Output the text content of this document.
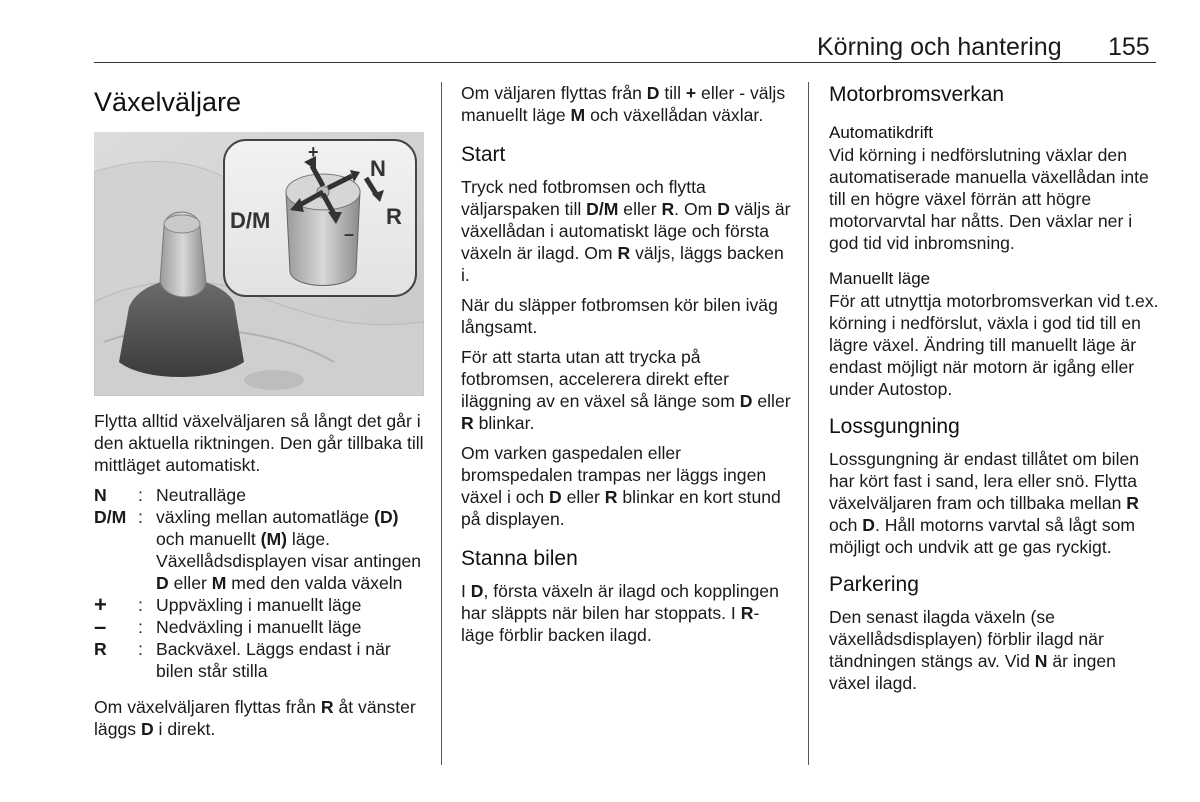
Körning och hantering 155
Växelväljare
D/M
N
R
+
–

Flytta alltid växelväljaren så långt det går i den aktuella riktningen. Den går tillbaka till mittläget automatiskt.

N	: Neutralläge
D/M : växling mellan automatläge (D) och manuellt (M) läge. Växellådsdisplayen visar antingen D eller M med den valda växeln
+	: Uppväxling i manuellt läge
–	: Nedväxling i manuellt läge
R	: Backväxel. Läggs endast i när bilen står stilla

Om växelväljaren flyttas från R åt vänster läggs D i direkt.

Om väljaren flyttas från D till + eller - väljs manuellt läge M och växellådan växlar.

Start

Tryck ned fotbromsen och flytta väljarspaken till D/M eller R. Om D väljs är växellådan i automatiskt läge och första växeln är ilagd. Om R väljs, läggs backen i.

När du släpper fotbromsen kör bilen iväg långsamt.

För att starta utan att trycka på fotbromsen, accelerera direkt efter iläggning av en växel så länge som D eller R blinkar.

Om varken gaspedalen eller bromspedalen trampas ner läggs ingen växel i och D eller R blinkar en kort stund på displayen.

Stanna bilen

I D, första växeln är ilagd och kopplingen har släppts när bilen har stoppats. I R-läge förblir backen ilagd.

Motorbromsverkan
Automatikdrift

Vid körning i nedförslutning växlar den automatiserade manuella växellådan inte till en högre växel förrän att högre motorvarvtal har nåtts. Den växlar ner i god tid vid inbromsning.

Manuellt läge

För att utnyttja motorbromsverkan vid t.ex. körning i nedförslut, växla i god tid till en lägre växel. Ändring till manuellt läge är endast möjligt när motorn är igång eller under Autostop.

Lossgungning

Lossgungning är endast tillåtet om bilen har kört fast i sand, lera eller snö. Flytta växelväljaren fram och tillbaka mellan R och D. Håll motorns varvtal så lågt som möjligt och undvik att ge gas ryckigt.

Parkering

Den senast ilagda växeln (se växellådsdisplayen) förblir ilagd när tändningen stängs av. Vid N är ingen växel ilagd.
